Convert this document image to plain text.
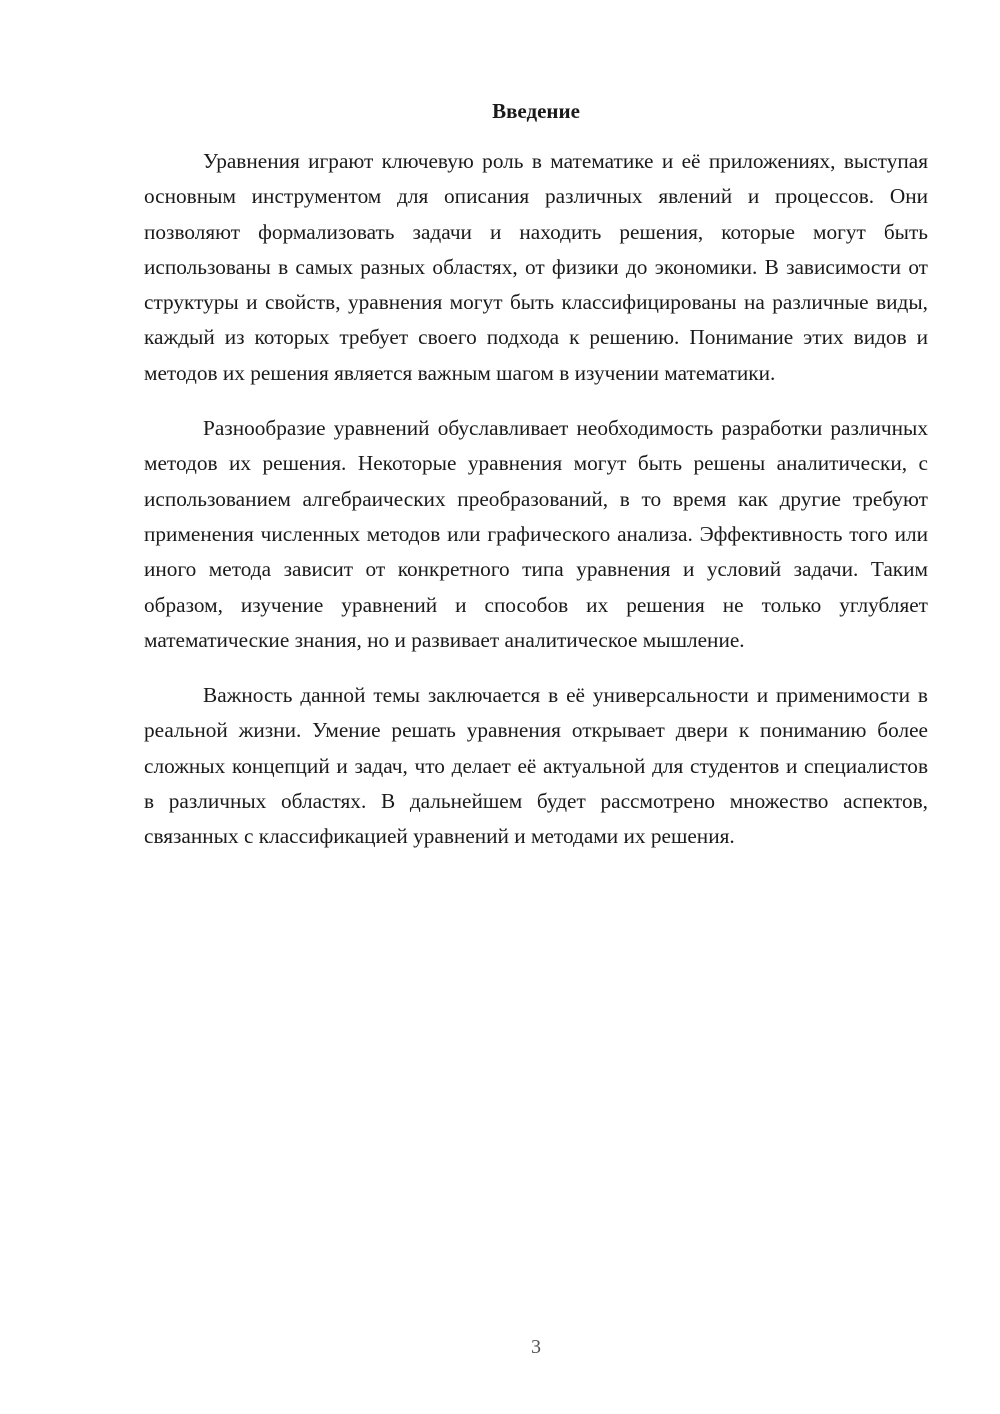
Введение

Уравнения играют ключевую роль в математике и её приложениях, выступая основным инструментом для описания различных явлений и процессов. Они позволяют формализовать задачи и находить решения, которые могут быть использованы в самых разных областях, от физики до экономики. В зависимости от структуры и свойств, уравнения могут быть классифицированы на различные виды, каждый из которых требует своего подхода к решению. Понимание этих видов и методов их решения является важным шагом в изучении математики.

Разнообразие уравнений обуславливает необходимость разработки различных методов их решения. Некоторые уравнения могут быть решены аналитически, с использованием алгебраических преобразований, в то время как другие требуют применения численных методов или графического анализа. Эффективность того или иного метода зависит от конкретного типа уравнения и условий задачи. Таким образом, изучение уравнений и способов их решения не только углубляет математические знания, но и развивает аналитическое мышление.

Важность данной темы заключается в её универсальности и применимости в реальной жизни. Умение решать уравнения открывает двери к пониманию более сложных концепций и задач, что делает её актуальной для студентов и специалистов в различных областях. В дальнейшем будет рассмотрено множество аспектов, связанных с классификацией уравнений и методами их решения.

3
